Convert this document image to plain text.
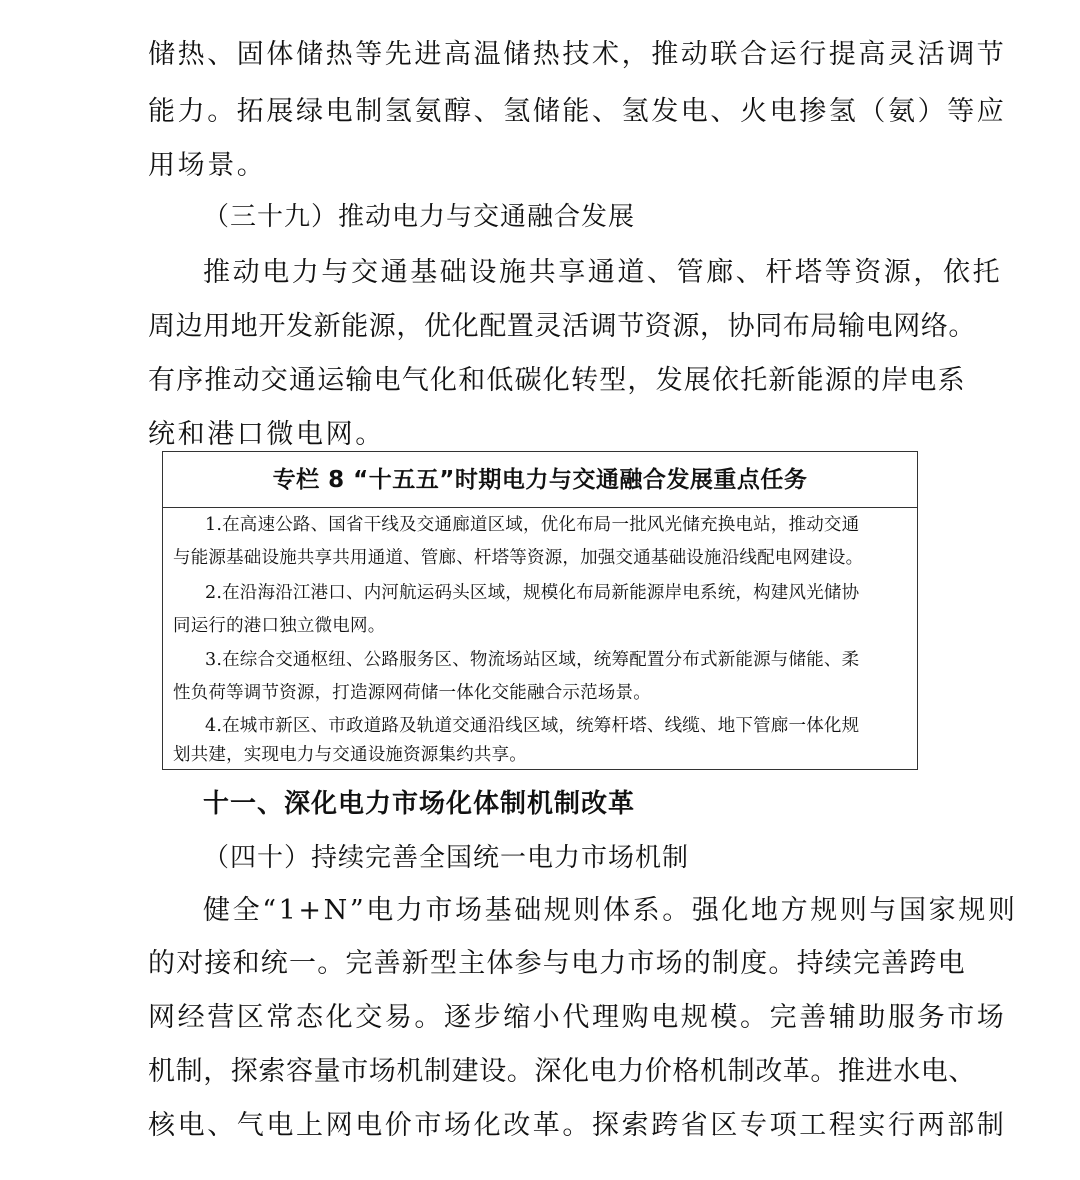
储热、固体储热等先进高温储热技术，推动联合运行提高灵活调节
能力。拓展绿电制氢氨醇、氢储能、氢发电、火电掺氢（氨）等应
用场景。
（三十九）推动电力与交通融合发展
推动电力与交通基础设施共享通道、管廊、杆塔等资源，依托
周边用地开发新能源，优化配置灵活调节资源，协同布局输电网络。
有序推动交通运输电气化和低碳化转型，发展依托新能源的岸电系
统和港口微电网。
专栏 8 “十五五”时期电力与交通融合发展重点任务
1.在高速公路、国省干线及交通廊道区域，优化布局一批风光储充换电站，推动交通
与能源基础设施共享共用通道、管廊、杆塔等资源，加强交通基础设施沿线配电网建设。
2.在沿海沿江港口、内河航运码头区域，规模化布局新能源岸电系统，构建风光储协
同运行的港口独立微电网。
3.在综合交通枢纽、公路服务区、物流场站区域，统筹配置分布式新能源与储能、柔
性负荷等调节资源，打造源网荷储一体化交能融合示范场景。
4.在城市新区、市政道路及轨道交通沿线区域，统筹杆塔、线缆、地下管廊一体化规
划共建，实现电力与交通设施资源集约共享。
十一、深化电力市场化体制机制改革
（四十）持续完善全国统一电力市场机制
健全“1+N”电力市场基础规则体系。强化地方规则与国家规则
的对接和统一。完善新型主体参与电力市场的制度。持续完善跨电
网经营区常态化交易。逐步缩小代理购电规模。完善辅助服务市场
机制，探索容量市场机制建设。深化电力价格机制改革。推进水电、
核电、气电上网电价市场化改革。探索跨省区专项工程实行两部制
